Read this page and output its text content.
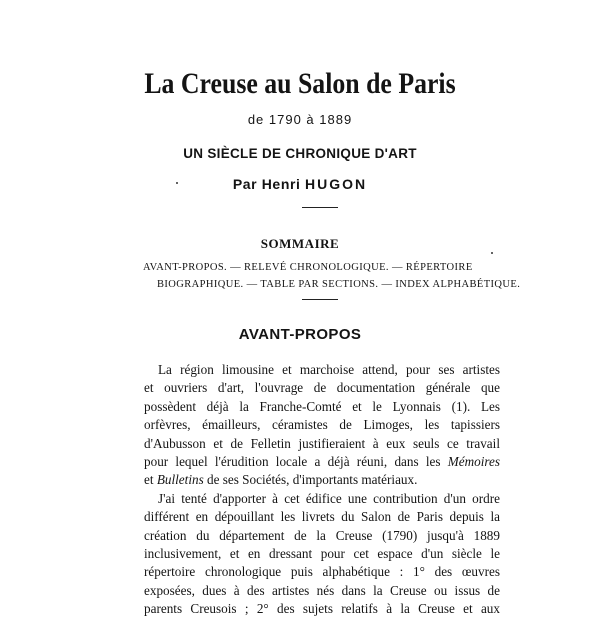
La Creuse au Salon de Paris
de 1790 à 1889
UN SIÈCLE DE CHRONIQUE D'ART
Par Henri HUGON
SOMMAIRE
AVANT-PROPOS. — RELEVÉ CHRONOLOGIQUE. — RÉPERTOIRE
BIOGRAPHIQUE. — TABLE PAR SECTIONS. — INDEX ALPHABÉTIQUE.
AVANT-PROPOS

La région limousine et marchoise attend, pour ses artistes
et ouvriers d'art, l'ouvrage de documentation générale que
possèdent déjà la Franche-Comté et le Lyonnais (1). Les
orfèvres, émailleurs, céramistes de Limoges, les tapissiers
d'Aubusson et de Felletin justifieraient à eux seuls ce travail
pour lequel l'érudition locale a déjà réuni, dans les Mémoires
et Bulletins de ses Sociétés, d'importants matériaux.

J'ai tenté d'apporter à cet édifice une contribution d'un ordre
différent en dépouillant les livrets du Salon de Paris depuis la
création du département de la Creuse (1790) jusqu'à 1889
inclusivement, et en dressant pour cet espace d'un siècle le
répertoire chronologique puis alphabétique : 1° des œuvres
exposées, dues à des artistes nés dans la Creuse ou issus de
parents Creusois ; 2° des sujets relatifs à la Creuse et aux
